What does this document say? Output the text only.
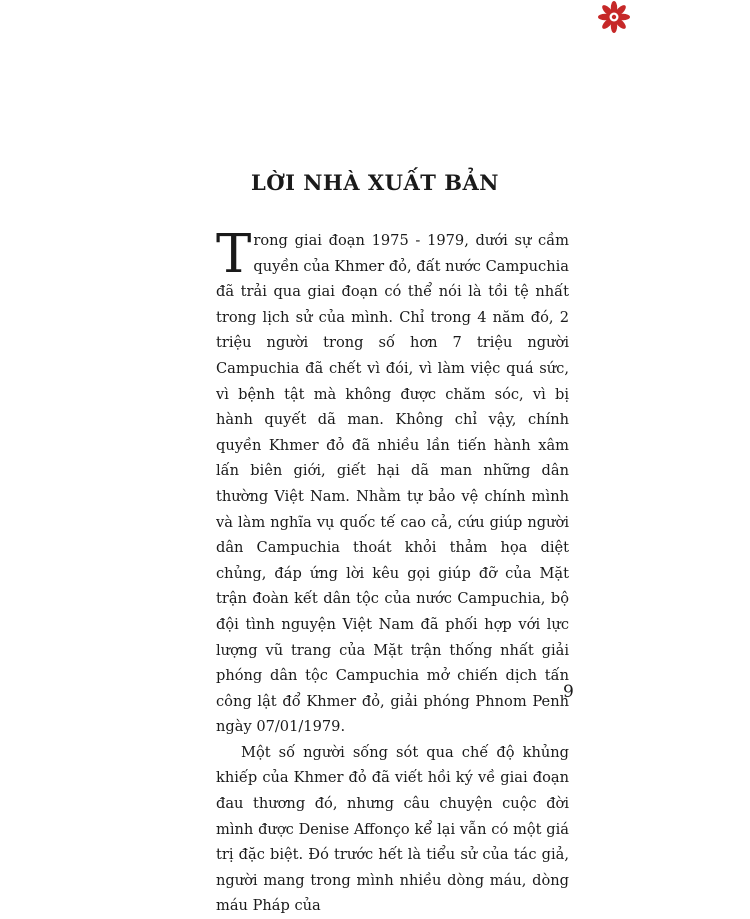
LỜI NHÀ XUẤT BẢN

Trong giai đoạn 1975 - 1979, dưới sự cầm quyền của Khmer đỏ, đất nước Campuchia đã trải qua giai đoạn có thể nói là tồi tệ nhất trong lịch sử của mình. Chỉ trong 4 năm đó, 2 triệu người trong số hơn 7 triệu người Campuchia đã chết vì đói, vì làm việc quá sức, vì bệnh tật mà không được chăm sóc, vì bị hành quyết dã man. Không chỉ vậy, chính quyền Khmer đỏ đã nhiều lần tiến hành xâm lấn biên giới, giết hại dã man những dân thường Việt Nam. Nhằm tự bảo vệ chính mình và làm nghĩa vụ quốc tế cao cả, cứu giúp người dân Campuchia thoát khỏi thảm họa diệt chủng, đáp ứng lời kêu gọi giúp đỡ của Mặt trận đoàn kết dân tộc của nước Campuchia, bộ đội tình nguyện Việt Nam đã phối hợp với lực lượng vũ trang của Mặt trận thống nhất giải phóng dân tộc Campuchia mở chiến dịch tấn công lật đổ Khmer đỏ, giải phóng Phnom Penh ngày 07/01/1979.

Một số người sống sót qua chế độ khủng khiếp của Khmer đỏ đã viết hồi ký về giai đoạn đau thương đó, nhưng câu chuyện cuộc đời mình được Denise Affonço kể lại vẫn có một giá trị đặc biệt. Đó trước hết là tiểu sử của tác giả, người mang trong mình nhiều dòng máu, dòng máu Pháp của

9
